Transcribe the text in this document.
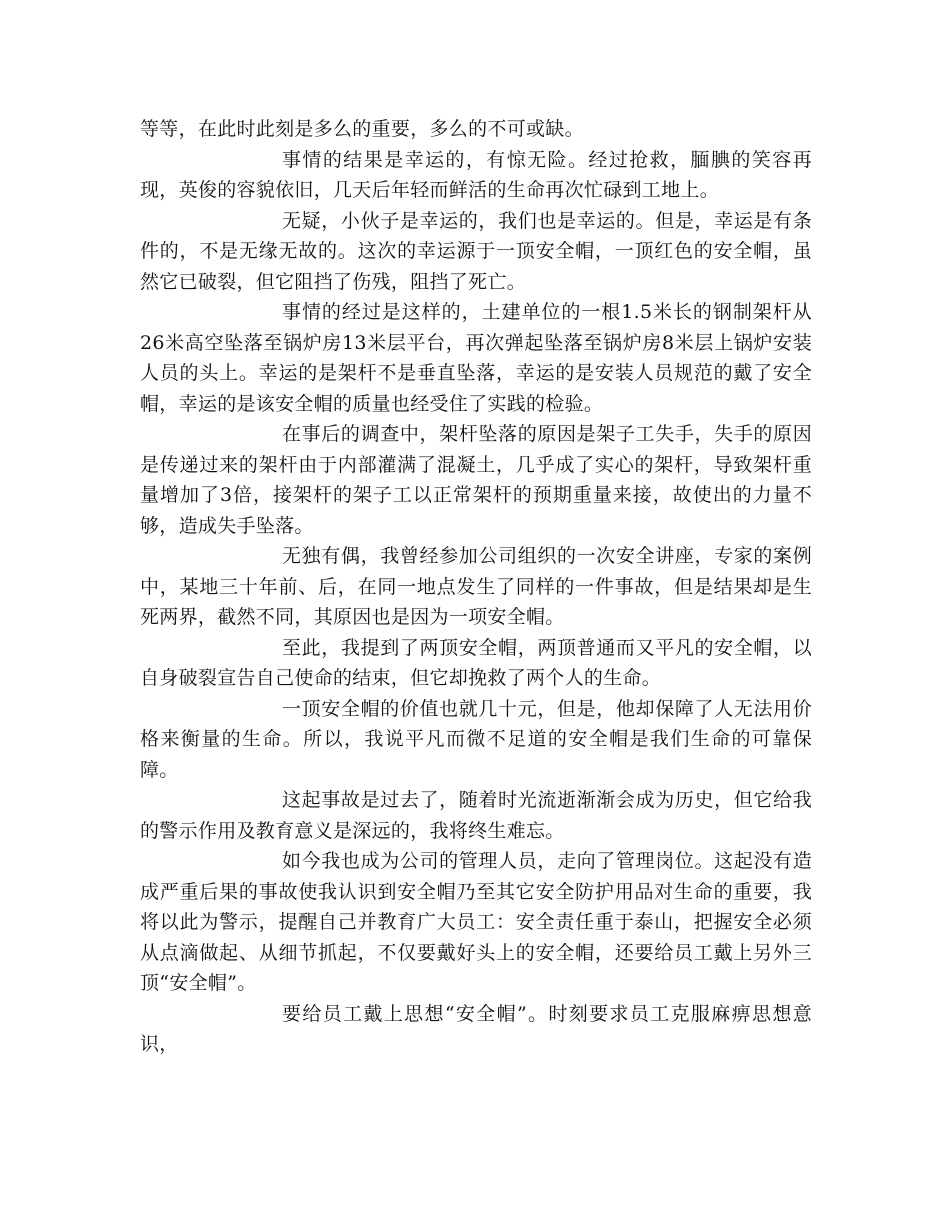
等等，在此时此刻是多么的重要，多么的不可或缺。

事情的结果是幸运的，有惊无险。经过抢救，腼腆的笑容再现，英俊的容貌依旧，几天后年轻而鲜活的生命再次忙碌到工地上。

无疑，小伙子是幸运的，我们也是幸运的。但是，幸运是有条件的，不是无缘无故的。这次的幸运源于一顶安全帽，一顶红色的安全帽，虽然它已破裂，但它阻挡了伤残，阻挡了死亡。

事情的经过是这样的，土建单位的一根1.5米长的钢制架杆从26米高空坠落至锅炉房13米层平台，再次弹起坠落至锅炉房8米层上锅炉安装人员的头上。幸运的是架杆不是垂直坠落，幸运的是安装人员规范的戴了安全帽，幸运的是该安全帽的质量也经受住了实践的检验。

在事后的调查中，架杆坠落的原因是架子工失手，失手的原因是传递过来的架杆由于内部灌满了混凝土，几乎成了实心的架杆，导致架杆重量增加了3倍，接架杆的架子工以正常架杆的预期重量来接，故使出的力量不够，造成失手坠落。

无独有偶，我曾经参加公司组织的一次安全讲座，专家的案例中，某地三十年前、后，在同一地点发生了同样的一件事故，但是结果却是生死两界，截然不同，其原因也是因为一项安全帽。

至此，我提到了两顶安全帽，两顶普通而又平凡的安全帽，以自身破裂宣告自己使命的结束，但它却挽救了两个人的生命。

一顶安全帽的价值也就几十元，但是，他却保障了人无法用价格来衡量的生命。所以，我说平凡而微不足道的安全帽是我们生命的可靠保障。

这起事故是过去了，随着时光流逝渐渐会成为历史，但它给我的警示作用及教育意义是深远的，我将终生难忘。

如今我也成为公司的管理人员，走向了管理岗位。这起没有造成严重后果的事故使我认识到安全帽乃至其它安全防护用品对生命的重要，我将以此为警示，提醒自己并教育广大员工：安全责任重于泰山，把握安全必须从点滴做起、从细节抓起，不仅要戴好头上的安全帽，还要给员工戴上另外三顶“安全帽”。

要给员工戴上思想“安全帽”。时刻要求员工克服麻痹思想意识，
